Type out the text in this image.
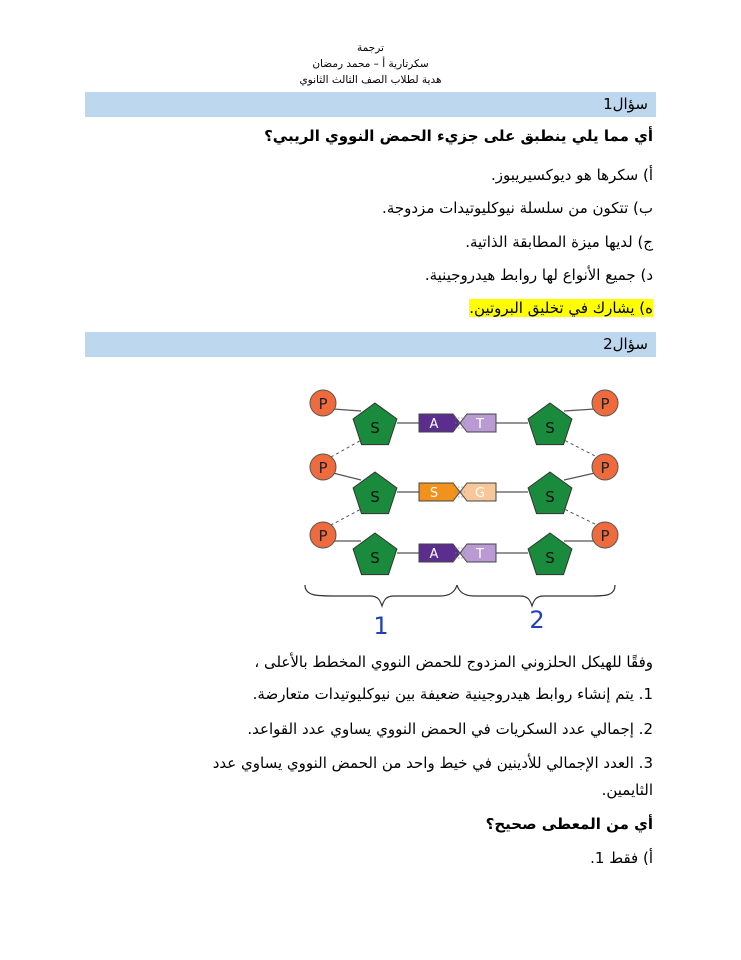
ترجمة
سكرتارية أ – محمد رمضان
هدية لطلاب الصف الثالث الثانوي
سؤال1
أي مما يلي ينطبق على جزيء الحمض النووي الريبي؟
أ) سكرها هو ديوكسيريبوز.
ب) تتكون من سلسلة نيوكليوتيدات مزدوجة.
ج) لديها ميزة المطابقة الذاتية.
د) جميع الأنواع لها روابط هيدروجينية.
ه) يشارك في تخليق البروتين.
سؤال2
P	P
S	S
A	T
P	P
S	S
S	G
P	P
S	S
A	T
1	2
وفقًا للهيكل الحلزوني المزدوج للحمض النووي المخطط بالأعلى ،
1. يتم إنشاء روابط هيدروجينية ضعيفة بين نيوكليوتيدات متعارضة.
2. إجمالي عدد السكريات في الحمض النووي يساوي عدد القواعد.
3. العدد الإجمالي للأدينين في خيط واحد من الحمض النووي يساوي عدد
الثايمين.
أي من المعطى صحيح؟
أ) فقط 1.
